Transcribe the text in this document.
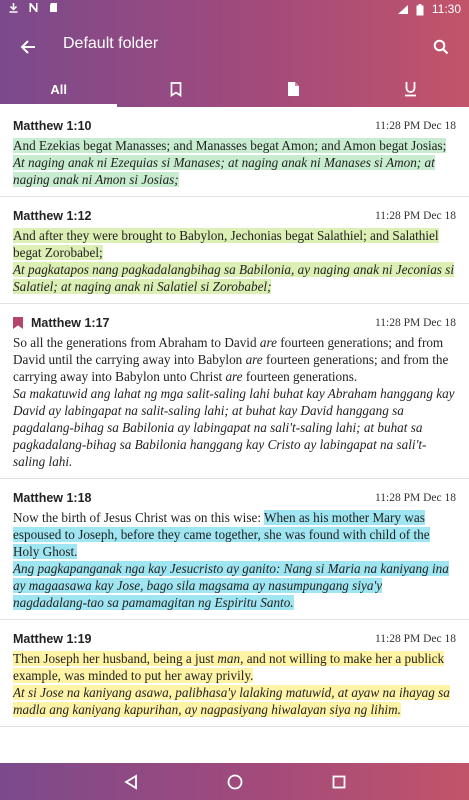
11:30
Default folder
All
Matthew 1:10	11:28 PM Dec 18
And Ezekias begat Manasses; and Manasses begat Amon; and Amon begat Josias;
At naging anak ni Ezequias si Manases; at naging anak ni Manases si Amon; at naging anak ni Amon si Josias;
Matthew 1:12	11:28 PM Dec 18
And after they were brought to Babylon, Jechonias begat Salathiel; and Salathiel begat Zorobabel;
At pagkatapos nang pagkadalangbihag sa Babilonia, ay naging anak ni Jeconias si Salatiel; at naging anak ni Salatiel si Zorobabel;
Matthew 1:17	11:28 PM Dec 18
So all the generations from Abraham to David are fourteen generations; and from David until the carrying away into Babylon are fourteen generations; and from the carrying away into Babylon unto Christ are fourteen generations.
Sa makatuwid ang lahat ng mga salit-saling lahi buhat kay Abraham hanggang kay David ay labingapat na salit-saling lahi; at buhat kay David hanggang sa pagdalang-bihag sa Babilonia ay labingapat na sali't-saling lahi; at buhat sa pagkadalang-bihag sa Babilonia hanggang kay Cristo ay labingapat na sali't-saling lahi.
Matthew 1:18	11:28 PM Dec 18
Now the birth of Jesus Christ was on this wise: When as his mother Mary was espoused to Joseph, before they came together, she was found with child of the Holy Ghost.
Ang pagkapanganak nga kay Jesucristo ay ganito: Nang si Maria na kaniyang ina ay magaasawa kay Jose, bago sila magsama ay nasumpungang siya'y nagdadalang-tao sa pamamagitan ng Espiritu Santo.
Matthew 1:19	11:28 PM Dec 18
Then Joseph her husband, being a just man, and not willing to make her a publick example, was minded to put her away privily.
At si Jose na kaniyang asawa, palibhasa'y lalaking matuwid, at ayaw na ihayag sa madla ang kaniyang kapurihan, ay nagpasiyang hiwalayan siya ng lihim.
